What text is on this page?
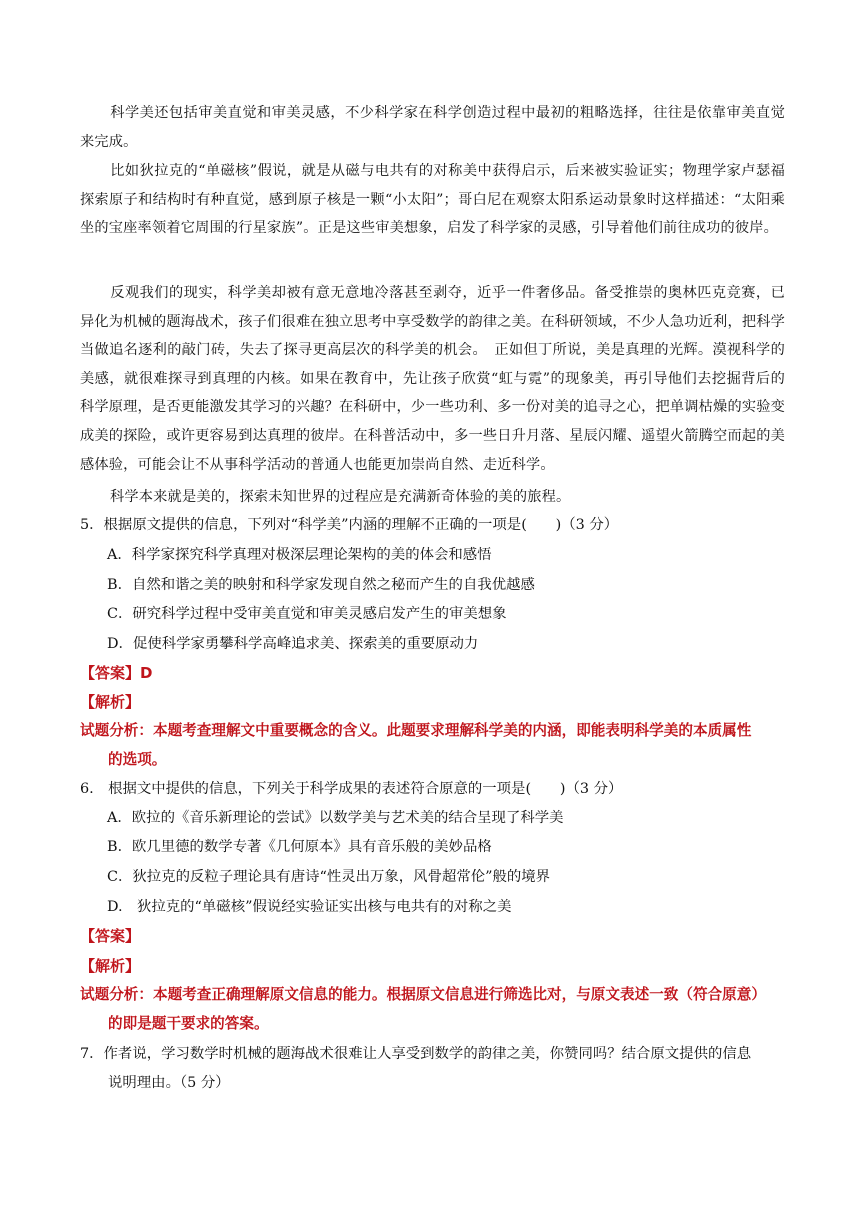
科学美还包括审美直觉和审美灵感，不少科学家在科学创造过程中最初的粗略选择，往往是依靠审美直觉来完成。
比如狄拉克的“单磁核”假说，就是从磁与电共有的对称美中获得启示，后来被实验证实；物理学家卢瑟福探索原子和结构时有种直觉，感到原子核是一颗“小太阳”；哥白尼在观察太阳系运动景象时这样描述：“太阳乘坐的宝座率领着它周围的行星家族”。正是这些审美想象，启发了科学家的灵感，引导着他们前往成功的彼岸。
反观我们的现实，科学美却被有意无意地冷落甚至剥夺，近乎一件奢侈品。备受推崇的奥林匹克竞赛，已异化为机械的题海战术，孩子们很难在独立思考中享受数学的韵律之美。在科研领域，不少人急功近利，把科学当做追名逐利的敲门砖，失去了探寻更高层次的科学美的机会。　正如但丁所说，美是真理的光辉。漠视科学的美感，就很难探寻到真理的内核。如果在教育中，先让孩子欣赏“虹与霓”的现象美，再引导他们去挖掘背后的科学原理，是否更能激发其学习的兴趣？在科研中，少一些功利、多一份对美的追寻之心，把单调枯燥的实验变成美的探险，或许更容易到达真理的彼岸。在科普活动中，多一些日升月落、星辰闪耀、遥望火箭腾空而起的美感体验，可能会让不从事科学活动的普通人也能更加崇尚自然、走近科学。
科学本来就是美的，探索未知世界的过程应是充满新奇体验的美的旅程。
5．根据原文提供的信息，下列对“科学美”内涵的理解不正确的一项是(　　)（3 分）
A．科学家探究科学真理对极深层理论架构的美的体会和感悟
B．自然和谐之美的映射和科学家发现自然之秘而产生的自我优越感
C．研究科学过程中受审美直觉和审美灵感启发产生的审美想象
D．促使科学家勇攀科学高峰追求美、探索美的重要原动力
【答案】D
【解析】
试题分析：本题考查理解文中重要概念的含义。此题要求理解科学美的内涵，即能表明科学美的本质属性
的选项。
6.　根据文中提供的信息，下列关于科学成果的表述符合原意的一项是(　　)（3 分）
A．欧拉的《音乐新理论的尝试》以数学美与艺术美的结合呈现了科学美
B．欧几里德的数学专著《几何原本》具有音乐般的美妙品格
C．狄拉克的反粒子理论具有唐诗“性灵出万象，风骨超常伦”般的境界
D.　狄拉克的“单磁核”假说经实验证实出核与电共有的对称之美
【答案】
【解析】
试题分析：本题考查正确理解原文信息的能力。根据原文信息进行筛选比对，与原文表述一致（符合原意）
的即是题干要求的答案。
7．作者说，学习数学时机械的题海战术很难让人享受到数学的韵律之美，你赞同吗？结合原文提供的信息
说明理由。（5 分）
